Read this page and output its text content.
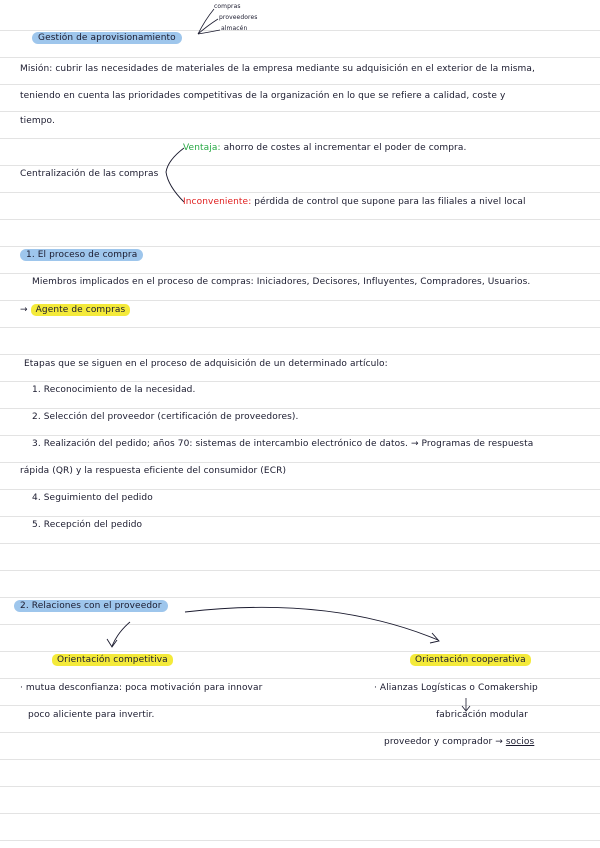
Gestión de aprovisionamiento
compras
proveedores
almacén
Misión: cubrir las necesidades de materiales de la empresa mediante su adquisición en el exterior de la misma,
teniendo en cuenta las prioridades competitivas de la organización en lo que se refiere a calidad, coste y
tiempo.
Centralización de las compras
Ventaja: ahorro de costes al incrementar el poder de compra.
Inconveniente: pérdida de control que supone para las filiales a nivel local
1. El proceso de compra
Miembros implicados en el proceso de compras: Iniciadores, Decisores, Influyentes, Compradores, Usuarios.
→ Agente de compras
Etapas que se siguen en el proceso de adquisición de un determinado artículo:
1. Reconocimiento de la necesidad.
2. Selección del proveedor (certificación de proveedores).
3. Realización del pedido; años 70: sistemas de intercambio electrónico de datos. → Programas de respuesta
rápida (QR) y la respuesta eficiente del consumidor (ECR)
4. Seguimiento del pedido
5. Recepción del pedido
2. Relaciones con el proveedor
Orientación competitiva
· mutua desconfianza: poca motivación para innovar
poco aliciente para invertir.
Orientación cooperativa
· Alianzas Logísticas o Comakership
fabricación modular
proveedor y comprador → socios
